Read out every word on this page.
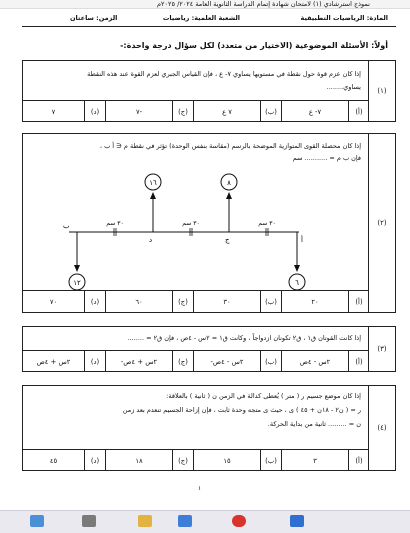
نموذج استرشادي (١) لامتحان شهادة إتمام الدراسة الثانوية العامة ٢٠٢٤/ ٢٠٢٥م
المادة: الرياضيات التطبيقية
الشعبة العلمية: رياضيات
الزمن: ساعتان
أولاً: الأسئلة الموضوعية (الاختيار من متعدد) لكل سؤال درجة واحدة:-
(١)
إذا كان عزم قوة حول نقطة في مستويها يساوي ٧- ع ، فإن القياس الجبري لعزم القوة عند هذه النقطة
يساوي........
(أ)
٧- ع
(ب)
٧ ع
(ج)
٧-
(د)
٧
(٢)
إذا كان محصلة القوى المتوازية الموضحة بالرسم (مقاسة بنفس الوحدة) تؤثر في نقطة م ∈ أ ب ،
فإن ب م = ........... سم
١٦	٨
١٢	٦
٣٠ سم	٣٠ سم	٣٠ سم
أ
ج
د
ب
(أ)
٢٠
(ب)
٣٠
(ج)
٦٠
(د)
٧٠
(٣)
إذا كانت القوتان ق١ ، ق٢ تكونان ازدواجاً ، وكانت ق١ = ٢س - ٤ص ، فإن ق٢ = ........
(أ)
٢س - ٤ص
(ب)
-٢س - ٤ص
(ج)
-٢س + ٤ص
(د)
٢س + ٤ص
(٤)
إذا كان موضع جسيم ر ( متر ) يُعطى كدالة في الزمن ن ( ثانية ) بالعلاقة:
ر = ( ن٢ - ١٨ن + ٤٥ ) ى ، حيث ى متجه وحدة ثابت ، فإن إزاحة الجسيم تنعدم بعد زمن
ن = ......... ثانية من بداية الحركة.
(أ)
٣
(ب)
١٥
(ج)
١٨
(د)
٤٥
١
